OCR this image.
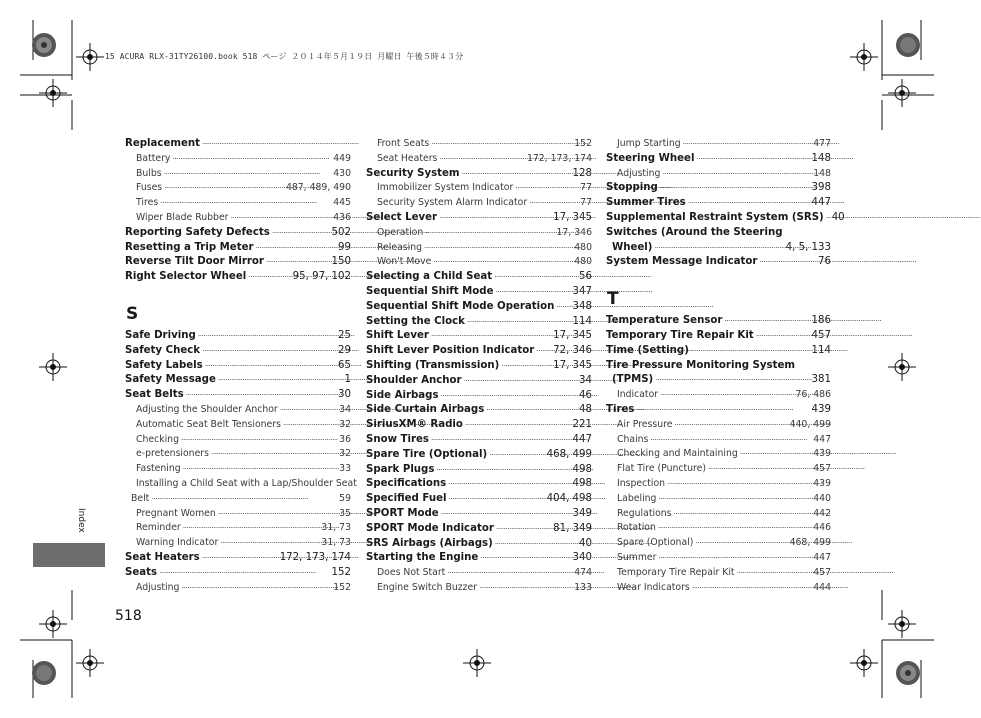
15 ACURA RLX-31TY26100.book 518 ページ ２０１４年５月１９日 月曜日 午後５時４３分
Replacement
. . .
Battery . . .	449
Bulbs . . .	430
Fuses . . .	487, 489, 490
Tires . . .	445
Wiper Blade Rubber . . .	436
Reporting Safety Defects . . .	502
Resetting a Trip Meter . . .	99
Reverse Tilt Door Mirror . . .	150
Right Selector Wheel . . .	95, 97, 102
S
Safe Driving . . .	25
Safety Check . . .	29
Safety Labels . . .	65
Safety Message . . .	1
Seat Belts . . .	30
Adjusting the Shoulder Anchor . . .	34
Automatic Seat Belt Tensioners . . .	32
Checking . . .	36
e-pretensioners . . .	32
Fastening . . .	33
Installing a Child Seat with a Lap/Shoulder Seat
Belt . . .	59
Pregnant Women . . .	35
Reminder . . .	31, 73
Warning Indicator . . .	31, 73
Seat Heaters . . .	172, 173, 174
Seats . . .	152
Adjusting . . .	152
Front Seats . . .	152
Seat Heaters . . .	172, 173, 174
Security System . . .	128
Immobilizer System Indicator . . .	77
Security System Alarm Indicator . . .	77
Select Lever . . .	17, 345
Operation . . .	17, 346
Releasing . . .	480
Won't Move . . .	480
Selecting a Child Seat . . .	56
Sequential Shift Mode . . .	347
Sequential Shift Mode Operation . . . 348
Setting the Clock . . .	114
Shift Lever . . .	17, 345
Shift Lever Position Indicator . . . 72, 346
Shifting (Transmission) . . .	17, 345
Shoulder Anchor . . .	34
Side Airbags . . .	46
Side Curtain Airbags . . .	48
SiriusXM® Radio . . .	221
Snow Tires . . .	447
Spare Tire (Optional) . . .	468, 499
Spark Plugs . . .	498
Specifications . . .	498
Specified Fuel . . .	404, 498
SPORT Mode . . .	349
SPORT Mode Indicator . . .	81, 349
SRS Airbags (Airbags) . . .	40
Starting the Engine . . .	340
Does Not Start . . .	474
Engine Switch Buzzer . . .	133
Jump Starting . . .	477
Steering Wheel . . .	148
Adjusting . . .	148
Stopping . . .	398
Summer Tires . . .	447
Supplemental Restraint System (SRS) . . . 40
Switches (Around the Steering
Wheel) . . .	4, 5, 133
System Message Indicator . . .	76
T
Temperature Sensor . . .	186
Temporary Tire Repair Kit . . .	457
Time (Setting) . . .	114
Tire Pressure Monitoring System
(TPMS) . . .	381
Indicator . . .	76, 486
Tires . . .	439
Air Pressure . . .	440, 499
Chains . . .	447
Checking and Maintaining . . .	439
Flat Tire (Puncture) . . .	457
Inspection . . .	439
Labeling . . .	440
Regulations . . .	442
Rotation . . .	446
Spare (Optional) . . .	468, 499
Summer . . .	447
Temporary Tire Repair Kit . . .	457
Wear Indicators . . .	444
Index
518
